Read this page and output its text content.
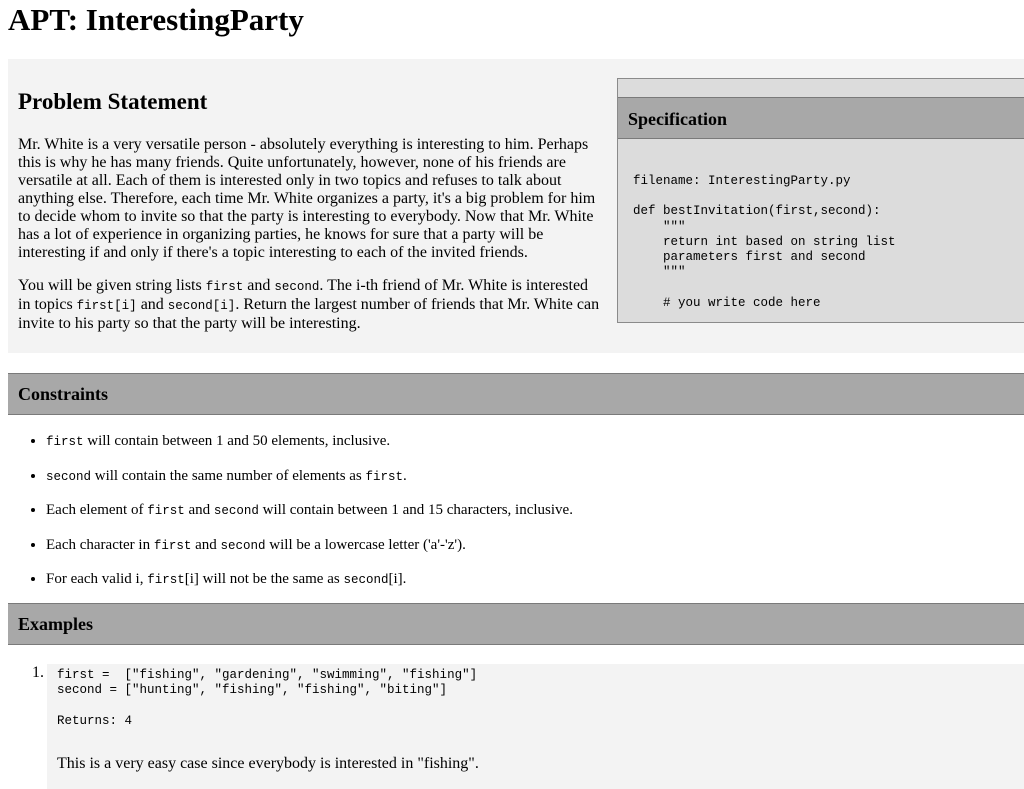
APT: InterestingParty
Problem Statement

Mr. White is a very versatile person - absolutely everything is interesting to him. Perhaps this is why he has many friends. Quite unfortunately, however, none of his friends are versatile at all. Each of them is interested only in two topics and refuses to talk about anything else. Therefore, each time Mr. White organizes a party, it's a big problem for him to decide whom to invite so that the party is interesting to everybody. Now that Mr. White has a lot of experience in organizing parties, he knows for sure that a party will be interesting if and only if there's a topic interesting to each of the invited friends.

You will be given string lists first and second. The i-th friend of Mr. White is interested in topics first[i] and second[i]. Return the largest number of friends that Mr. White can invite to his party so that the party will be interesting.

Specification
filename: InterestingParty.py

def bestInvitation(first,second):
"""
return int based on string list
parameters first and second
"""

# you write code here
Constraints
• first will contain between 1 and 50 elements, inclusive.
• second will contain the same number of elements as first.
• Each element of first and second will contain between 1 and 15 characters, inclusive.
• Each character in first and second will be a lowercase letter ('a'-'z').
• For each valid i, first[i] will not be the same as second[i].
Examples
1. first =  ["fishing", "gardening", "swimming", "fishing"]
second = ["hunting", "fishing", "fishing", "biting"]

Returns: 4

This is a very easy case since everybody is interested in "fishing".
